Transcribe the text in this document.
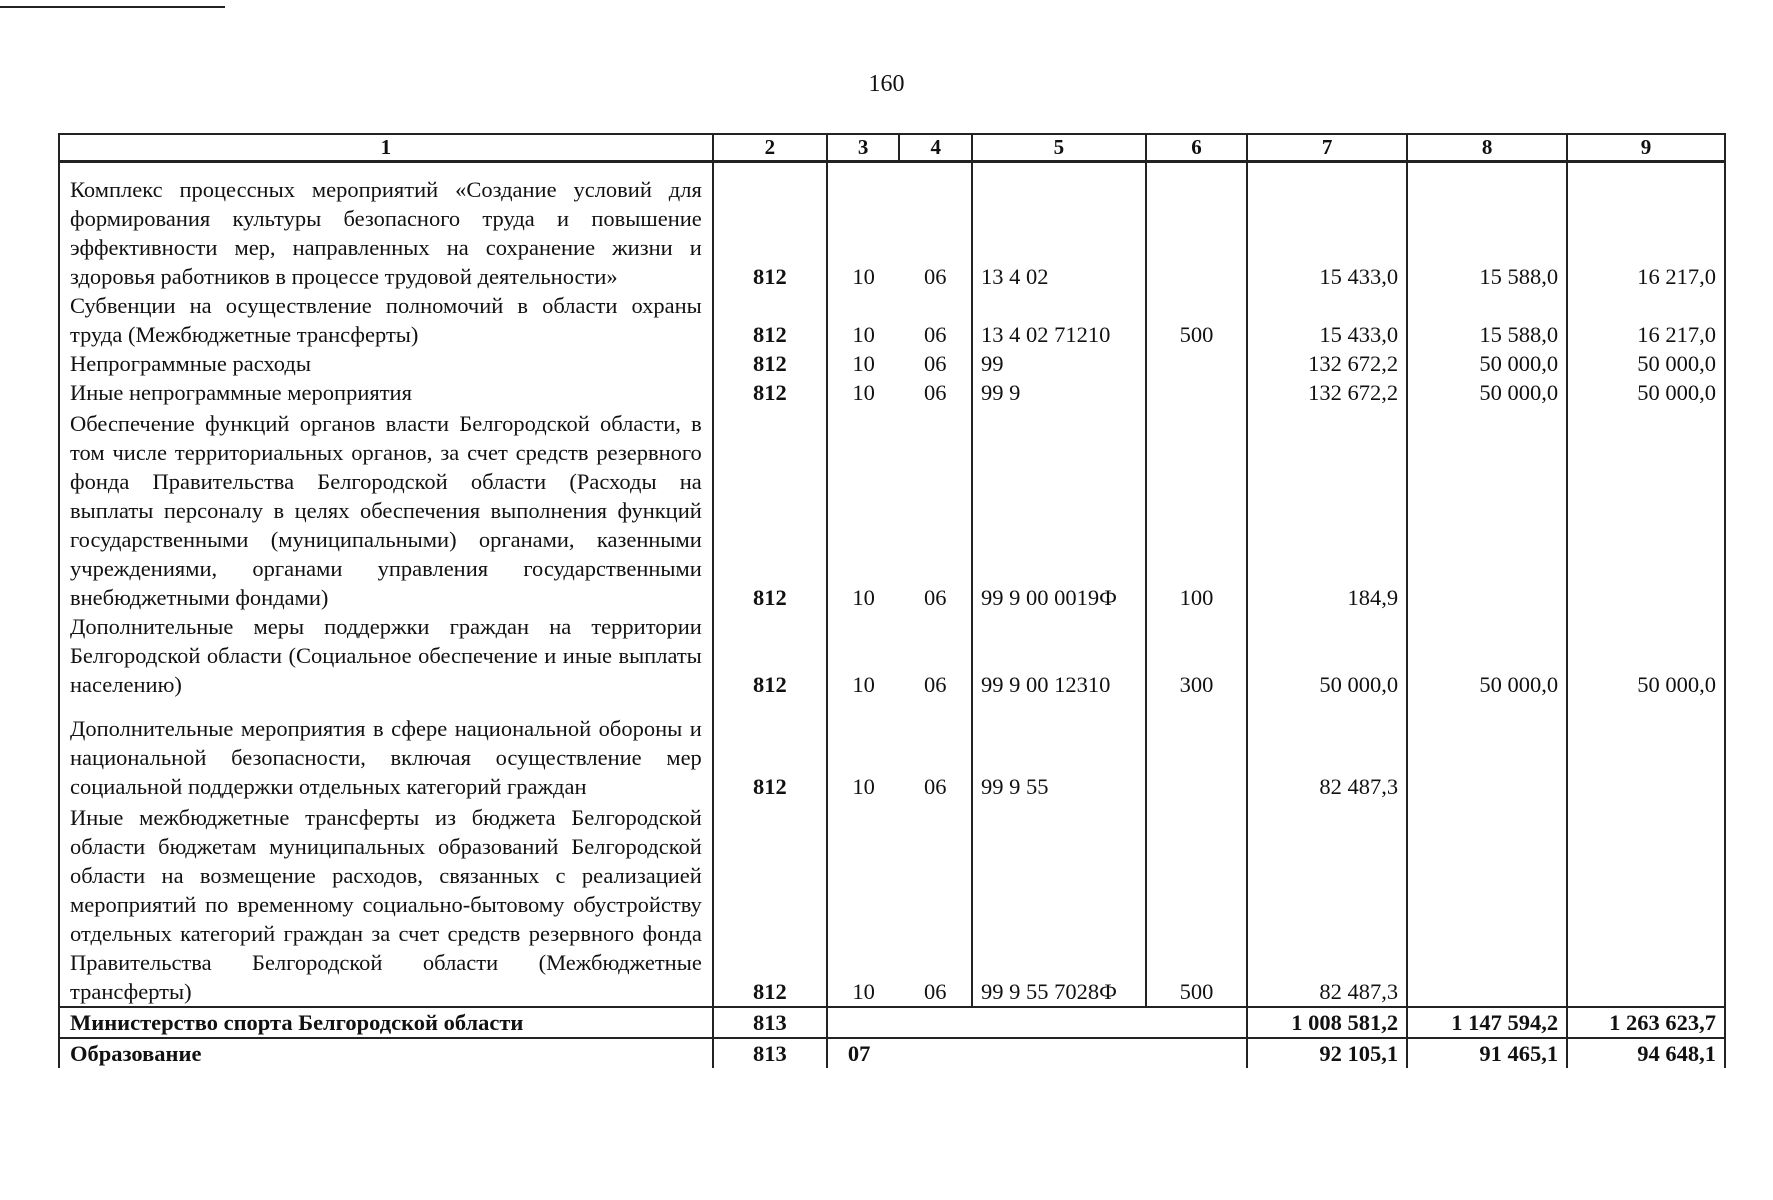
160
1	2	3	4	5	6	7	8	9
Комплекс процессных мероприятий «Создание условий для формирования культуры безопасного труда и повышение эффективности мер, направленных на сохранение жизни и здоровья работников в процессе трудовой деятельности»	812	10	06	13 4 02		15 433,0	15 588,0	16 217,0
Субвенции на осуществление полномочий в области охраны труда (Межбюджетные трансферты)	812	10	06	13 4 02 71210	500	15 433,0	15 588,0	16 217,0
Непрограммные расходы	812	10	06	99		132 672,2	50 000,0	50 000,0
Иные непрограммные мероприятия	812	10	06	99 9		132 672,2	50 000,0	50 000,0
Обеспечение функций органов власти Белгородской области, в том числе территориальных органов, за счет средств резервного фонда Правительства Белгородской области (Расходы на выплаты персоналу в целях обеспечения выполнения функций государственными (муниципальными) органами, казенными учреждениями, органами управления государственными внебюджетными фондами)	812	10	06	99 9 00 0019Ф	100	184,9		
Дополнительные меры поддержки граждан на территории Белгородской области (Социальное обеспечение и иные выплаты населению)	812	10	06	99 9 00 12310	300	50 000,0	50 000,0	50 000,0
Дополнительные мероприятия в сфере национальной обороны и национальной безопасности, включая осуществление мер социальной поддержки отдельных категорий граждан	812	10	06	99 9 55		82 487,3		
Иные межбюджетные трансферты из бюджета Белгородской области бюджетам муниципальных образований Белгородской области на возмещение расходов, связанных с реализацией мероприятий по временному социально-бытовому обустройству отдельных категорий граждан за счет средств резервного фонда Правительства Белгородской области (Межбюджетные трансферты)	812	10	06	99 9 55 7028Ф	500	82 487,3		
Министерство спорта Белгородской области	813					1 008 581,2	1 147 594,2	1 263 623,7
Образование	813	07				92 105,1	91 465,1	94 648,1
